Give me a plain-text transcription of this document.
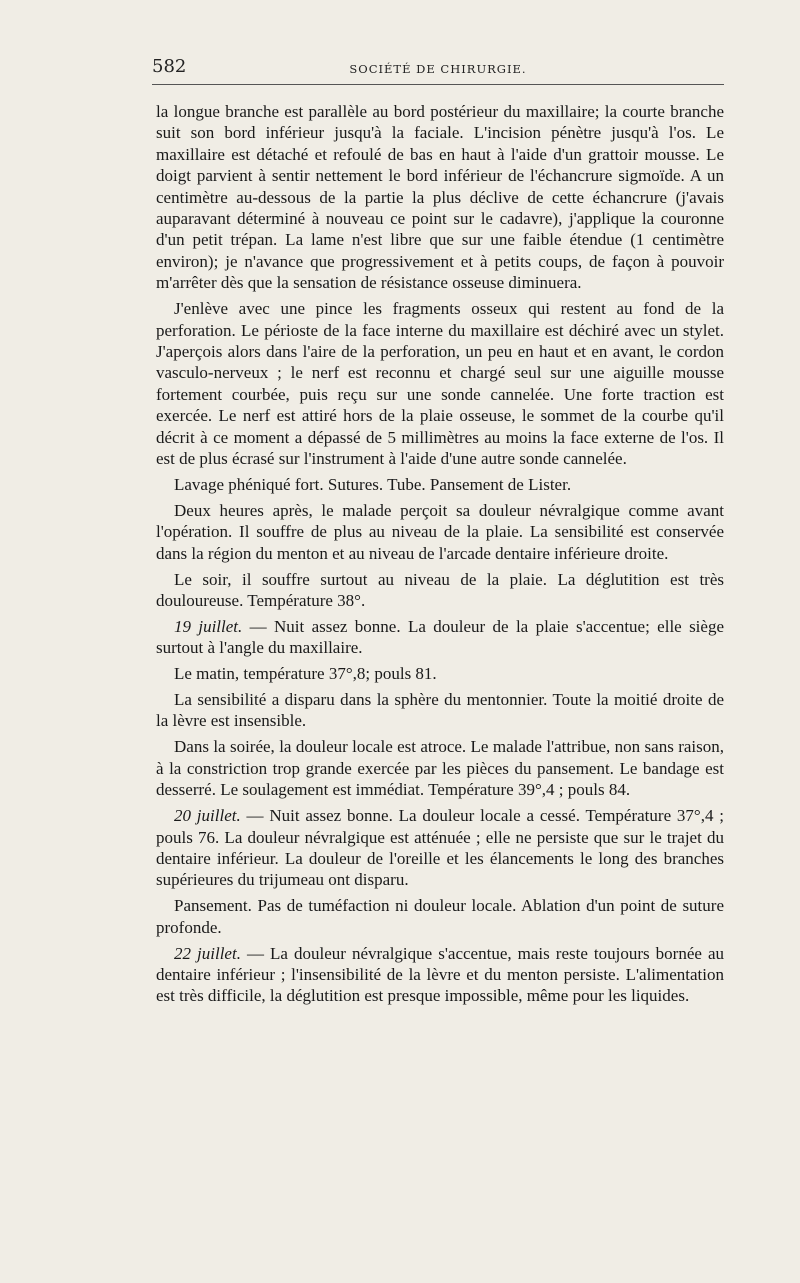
582	SOCIÉTÉ DE CHIRURGIE.

la longue branche est parallèle au bord postérieur du maxillaire; la courte branche suit son bord inférieur jusqu'à la faciale. L'incision pénètre jusqu'à l'os. Le maxillaire est détaché et refoulé de bas en haut à l'aide d'un grattoir mousse. Le doigt parvient à sentir nettement le bord inférieur de l'échancrure sigmoïde. A un centimètre au-dessous de la partie la plus déclive de cette échancrure (j'avais auparavant déterminé à nouveau ce point sur le cadavre), j'applique la couronne d'un petit trépan. La lame n'est libre que sur une faible étendue (1 centimètre environ); je n'avance que progressivement et à petits coups, de façon à pouvoir m'arrêter dès que la sensation de résistance osseuse diminuera.

J'enlève avec une pince les fragments osseux qui restent au fond de la perforation. Le périoste de la face interne du maxillaire est déchiré avec un stylet. J'aperçois alors dans l'aire de la perforation, un peu en haut et en avant, le cordon vasculo-nerveux ; le nerf est reconnu et chargé seul sur une aiguille mousse fortement courbée, puis reçu sur une sonde cannelée. Une forte traction est exercée. Le nerf est attiré hors de la plaie osseuse, le sommet de la courbe qu'il décrit à ce moment a dépassé de 5 millimètres au moins la face externe de l'os. Il est de plus écrasé sur l'instrument à l'aide d'une autre sonde cannelée.

Lavage phéniqué fort. Sutures. Tube. Pansement de Lister.

Deux heures après, le malade perçoit sa douleur névralgique comme avant l'opération. Il souffre de plus au niveau de la plaie. La sensibilité est conservée dans la région du menton et au niveau de l'arcade dentaire inférieure droite.

Le soir, il souffre surtout au niveau de la plaie. La déglutition est très douloureuse. Température 38°.

19 juillet. — Nuit assez bonne. La douleur de la plaie s'accentue; elle siège surtout à l'angle du maxillaire.

Le matin, température 37°,8; pouls 81.

La sensibilité a disparu dans la sphère du mentonnier. Toute la moitié droite de la lèvre est insensible.

Dans la soirée, la douleur locale est atroce. Le malade l'attribue, non sans raison, à la constriction trop grande exercée par les pièces du pansement. Le bandage est desserré. Le soulagement est immédiat. Température 39°,4 ; pouls 84.

20 juillet. — Nuit assez bonne. La douleur locale a cessé. Température 37°,4 ; pouls 76. La douleur névralgique est atténuée ; elle ne persiste que sur le trajet du dentaire inférieur. La douleur de l'oreille et les élancements le long des branches supérieures du trijumeau ont disparu.

Pansement. Pas de tuméfaction ni douleur locale. Ablation d'un point de suture profonde.

22 juillet. — La douleur névralgique s'accentue, mais reste toujours bornée au dentaire inférieur ; l'insensibilité de la lèvre et du menton persiste. L'alimentation est très difficile, la déglutition est presque impossible, même pour les liquides.
